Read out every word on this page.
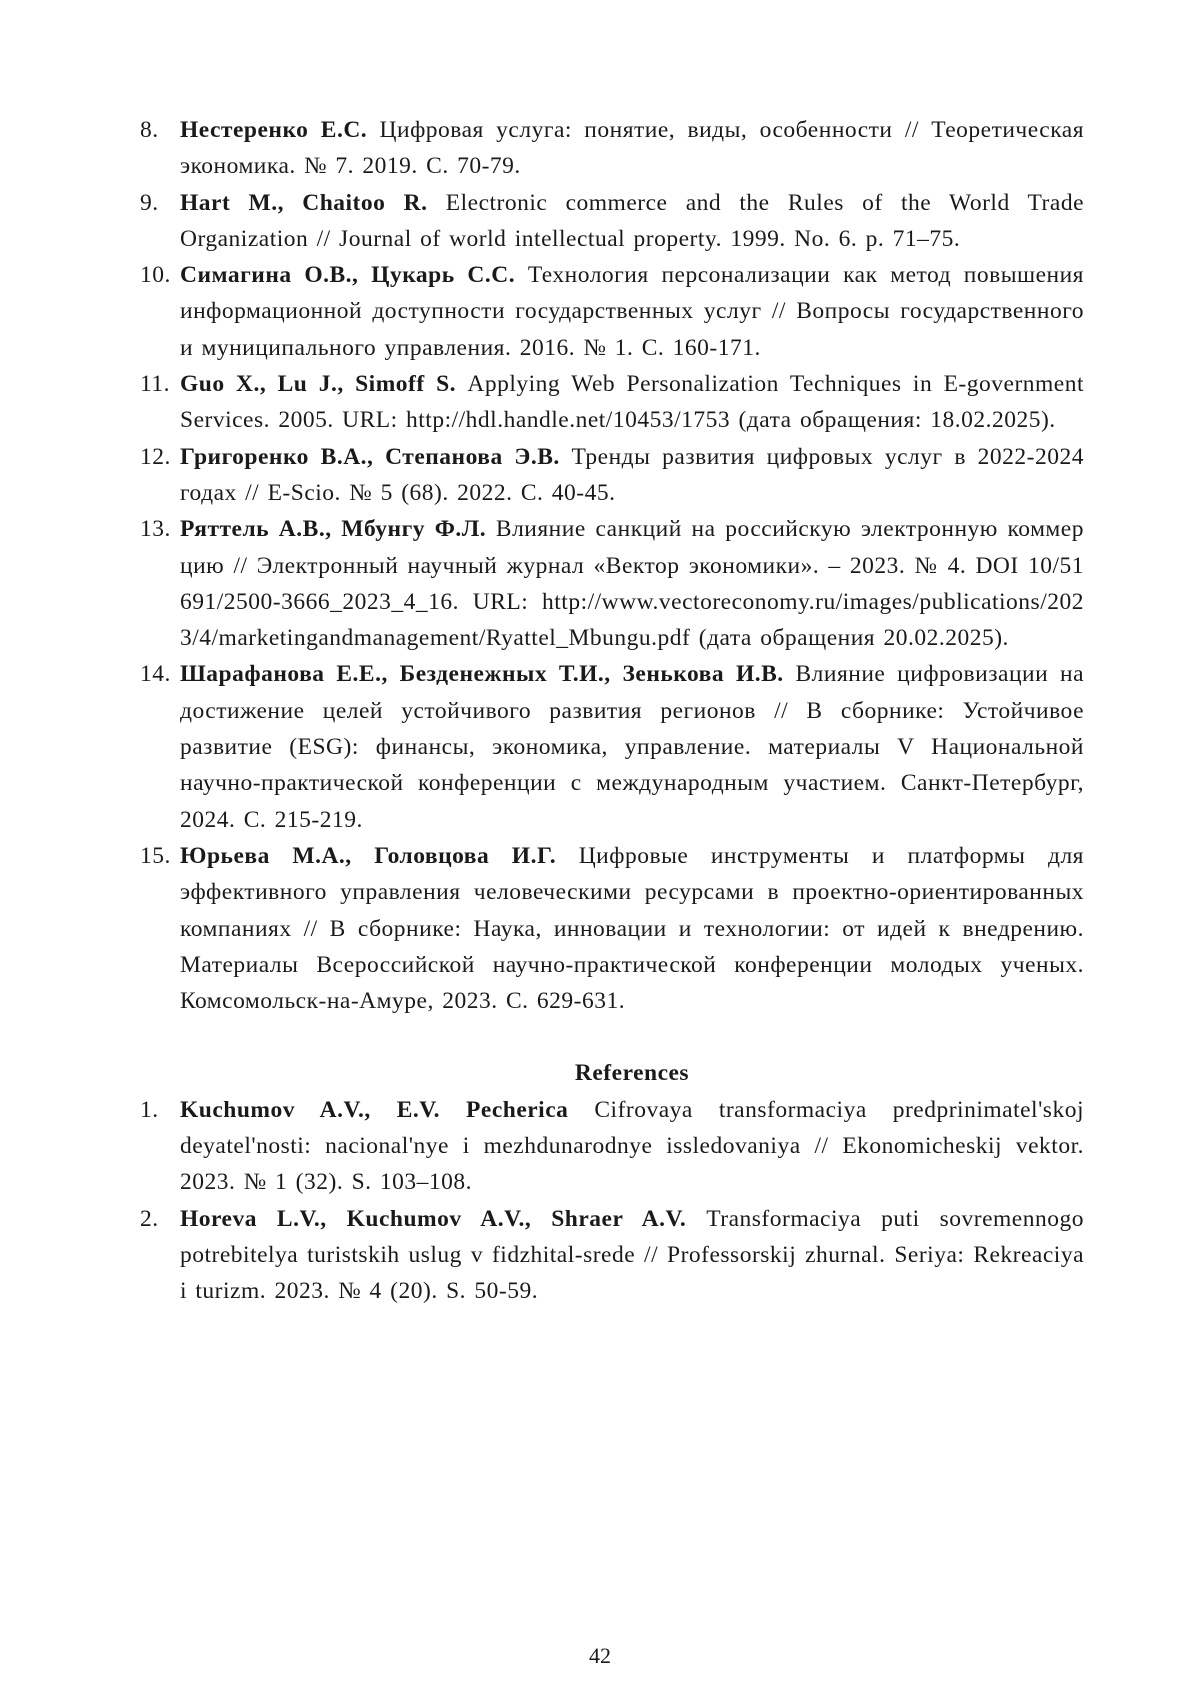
8. Нестеренко Е.С. Цифровая услуга: понятие, виды, особенности // Теоретическая экономика. № 7. 2019. С. 70-79.
9. Hart M., Chaitoo R. Electronic commerce and the Rules of the World Trade Organization // Journal of world intellectual property. 1999. No. 6. p. 71–75.
10. Симагина О.В., Цукарь С.С. Технология персонализации как метод повышения информационной доступности государственных услуг // Вопросы государственного и муниципального управления. 2016. № 1. С. 160-171.
11. Guo X., Lu J., Simoff S. Applying Web Personalization Techniques in E-government Services. 2005. URL: http://hdl.handle.net/10453/1753 (дата обращения: 18.02.2025).
12. Григоренко В.А., Степанова Э.В. Тренды развития цифровых услуг в 2022-2024 годах // E-Scio. № 5 (68). 2022. С. 40-45.
13. Ряттель А.В., Мбунгу Ф.Л. Влияние санкций на российскую электронную коммерцию // Электронный научный журнал «Вектор экономики». – 2023. № 4. DOI 10/51691/2500-3666_2023_4_16. URL: http://www.vectoreconomy.ru/images/publications/2023/4/marketingandmanagement/Ryattel_Mbungu.pdf (дата обращения 20.02.2025).
14. Шарафанова Е.Е., Безденежных Т.И., Зенькова И.В. Влияние цифровизации на достижение целей устойчивого развития регионов // В сборнике: Устойчивое развитие (ESG): финансы, экономика, управление. материалы V Национальной научно-практической конференции с международным участием. Санкт-Петербург, 2024. С. 215-219.
15. Юрьева М.А., Головцова И.Г. Цифровые инструменты и платформы для эффективного управления человеческими ресурсами в проектно-ориентированных компаниях // В сборнике: Наука, инновации и технологии: от идей к внедрению. Материалы Всероссийской научно-практической конференции молодых ученых. Комсомольск-на-Амуре, 2023. С. 629-631.
References
1. Kuchumov A.V., E.V. Pecherica Cifrovaya transformaciya predprinimatel'skoj deyatel'nosti: nacional'nye i mezhdunarodnye issledovaniya // Ekonomicheskij vektor. 2023. № 1 (32). S. 103–108.
2. Horeva L.V., Kuchumov A.V., Shraer A.V. Transformaciya puti sovremennogo potrebitelya turistskih uslug v fidzhital-srede // Professorskij zhurnal. Seriya: Rekreaciya i turizm. 2023. № 4 (20). S. 50-59.
42
